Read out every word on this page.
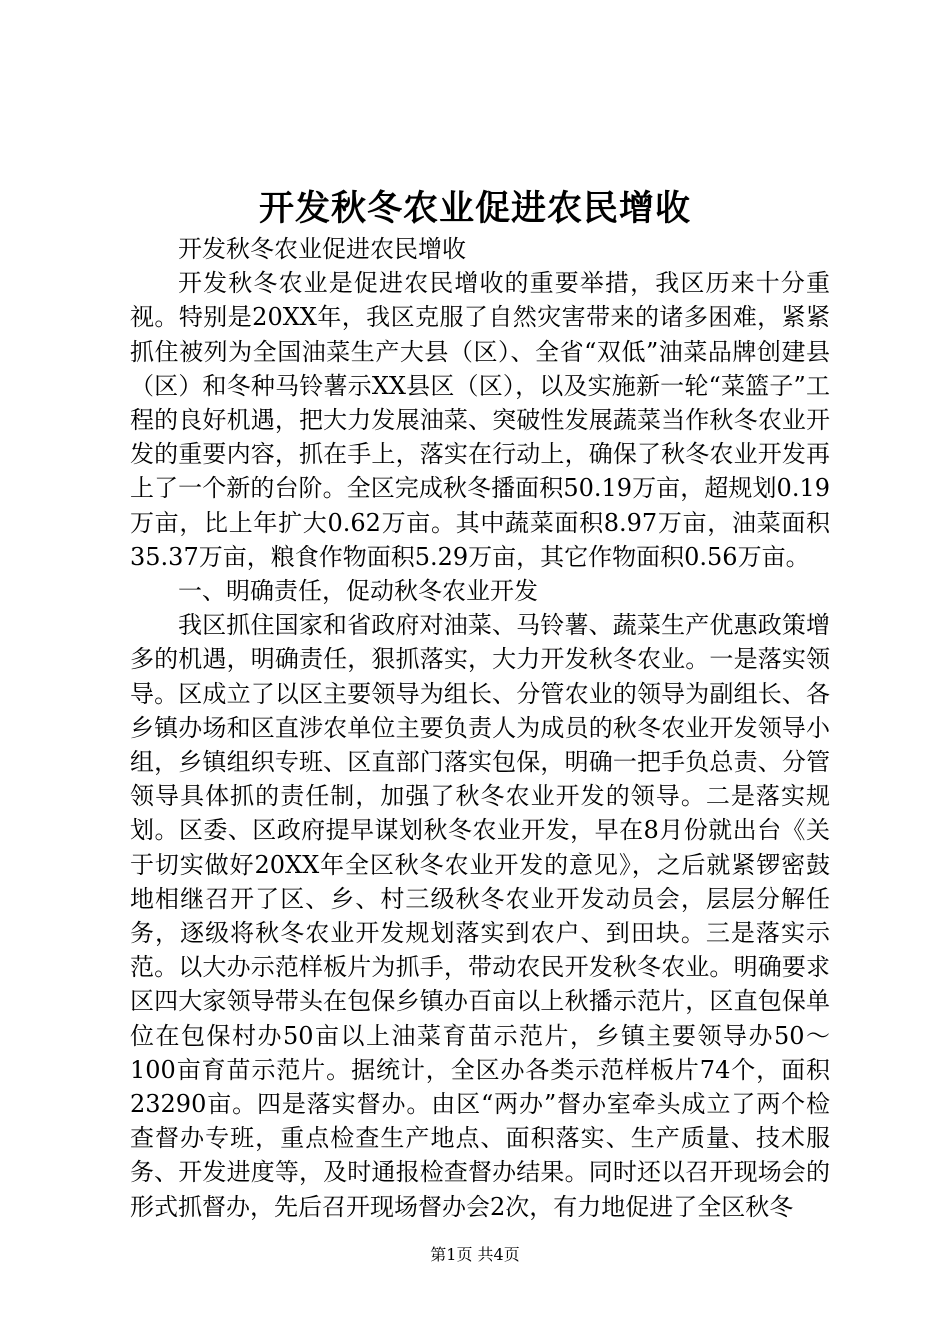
开发秋冬农业促进农民增收

开发秋冬农业促进农民增收

开发秋冬农业是促进农民增收的重要举措，我区历来十分重视。特别是20XX年，我区克服了自然灾害带来的诸多困难，紧紧抓住被列为全国油菜生产大县（区）、全省“双低”油菜品牌创建县（区）和冬种马铃薯示XX县区（区），以及实施新一轮“菜篮子”工程的良好机遇，把大力发展油菜、突破性发展蔬菜当作秋冬农业开发的重要内容，抓在手上，落实在行动上，确保了秋冬农业开发再上了一个新的台阶。全区完成秋冬播面积50.19万亩，超规划0.19万亩，比上年扩大0.62万亩。其中蔬菜面积8.97万亩，油菜面积35.37万亩，粮食作物面积5.29万亩，其它作物面积0.56万亩。

一、明确责任，促动秋冬农业开发

我区抓住国家和省政府对油菜、马铃薯、蔬菜生产优惠政策增多的机遇，明确责任，狠抓落实，大力开发秋冬农业。一是落实领导。区成立了以区主要领导为组长、分管农业的领导为副组长、各乡镇办场和区直涉农单位主要负责人为成员的秋冬农业开发领导小组，乡镇组织专班、区直部门落实包保，明确一把手负总责、分管领导具体抓的责任制，加强了秋冬农业开发的领导。二是落实规划。区委、区政府提早谋划秋冬农业开发，早在8月份就出台《关于切实做好20XX年全区秋冬农业开发的意见》，之后就紧锣密鼓地相继召开了区、乡、村三级秋冬农业开发动员会，层层分解任务，逐级将秋冬农业开发规划落实到农户、到田块。三是落实示范。以大办示范样板片为抓手，带动农民开发秋冬农业。明确要求区四大家领导带头在包保乡镇办百亩以上秋播示范片，区直包保单位在包保村办50亩以上油菜育苗示范片，乡镇主要领导办50～100亩育苗示范片。据统计，全区办各类示范样板片74个，面积23290亩。四是落实督办。由区“两办”督办室牵头成立了两个检查督办专班，重点检查生产地点、面积落实、生产质量、技术服务、开发进度等，及时通报检查督办结果。同时还以召开现场会的形式抓督办，先后召开现场督办会2次，有力地促进了全区秋冬

第1页 共4页
